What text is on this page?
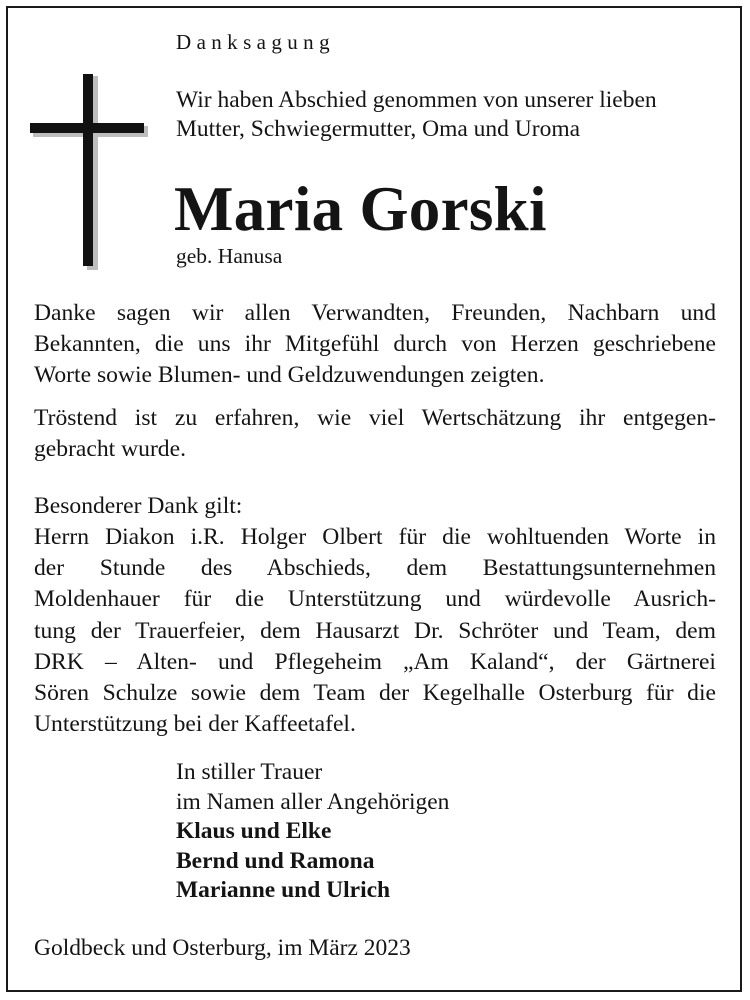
Danksagung
Wir haben Abschied genommen von unserer lieben
Mutter, Schwiegermutter, Oma und Uroma
Maria Gorski
geb. Hanusa
Danke sagen wir allen Verwandten, Freunden, Nachbarn und
Bekannten, die uns ihr Mitgefühl durch von Herzen geschriebene
Worte sowie Blumen- und Geldzuwendungen zeigten.
Tröstend ist zu erfahren, wie viel Wertschätzung ihr entgegen-
gebracht wurde.
Besonderer Dank gilt:
Herrn Diakon i.R. Holger Olbert für die wohltuenden Worte in
der Stunde des Abschieds, dem Bestattungsunternehmen
Moldenhauer für die Unterstützung und würdevolle Ausrich-
tung der Trauerfeier, dem Hausarzt Dr. Schröter und Team, dem
DRK – Alten- und Pflegeheim „Am Kaland“, der Gärtnerei
Sören Schulze sowie dem Team der Kegelhalle Osterburg für die
Unterstützung bei der Kaffeetafel.
In stiller Trauer
im Namen aller Angehörigen
Klaus und Elke
Bernd und Ramona
Marianne und Ulrich
Goldbeck und Osterburg, im März 2023
